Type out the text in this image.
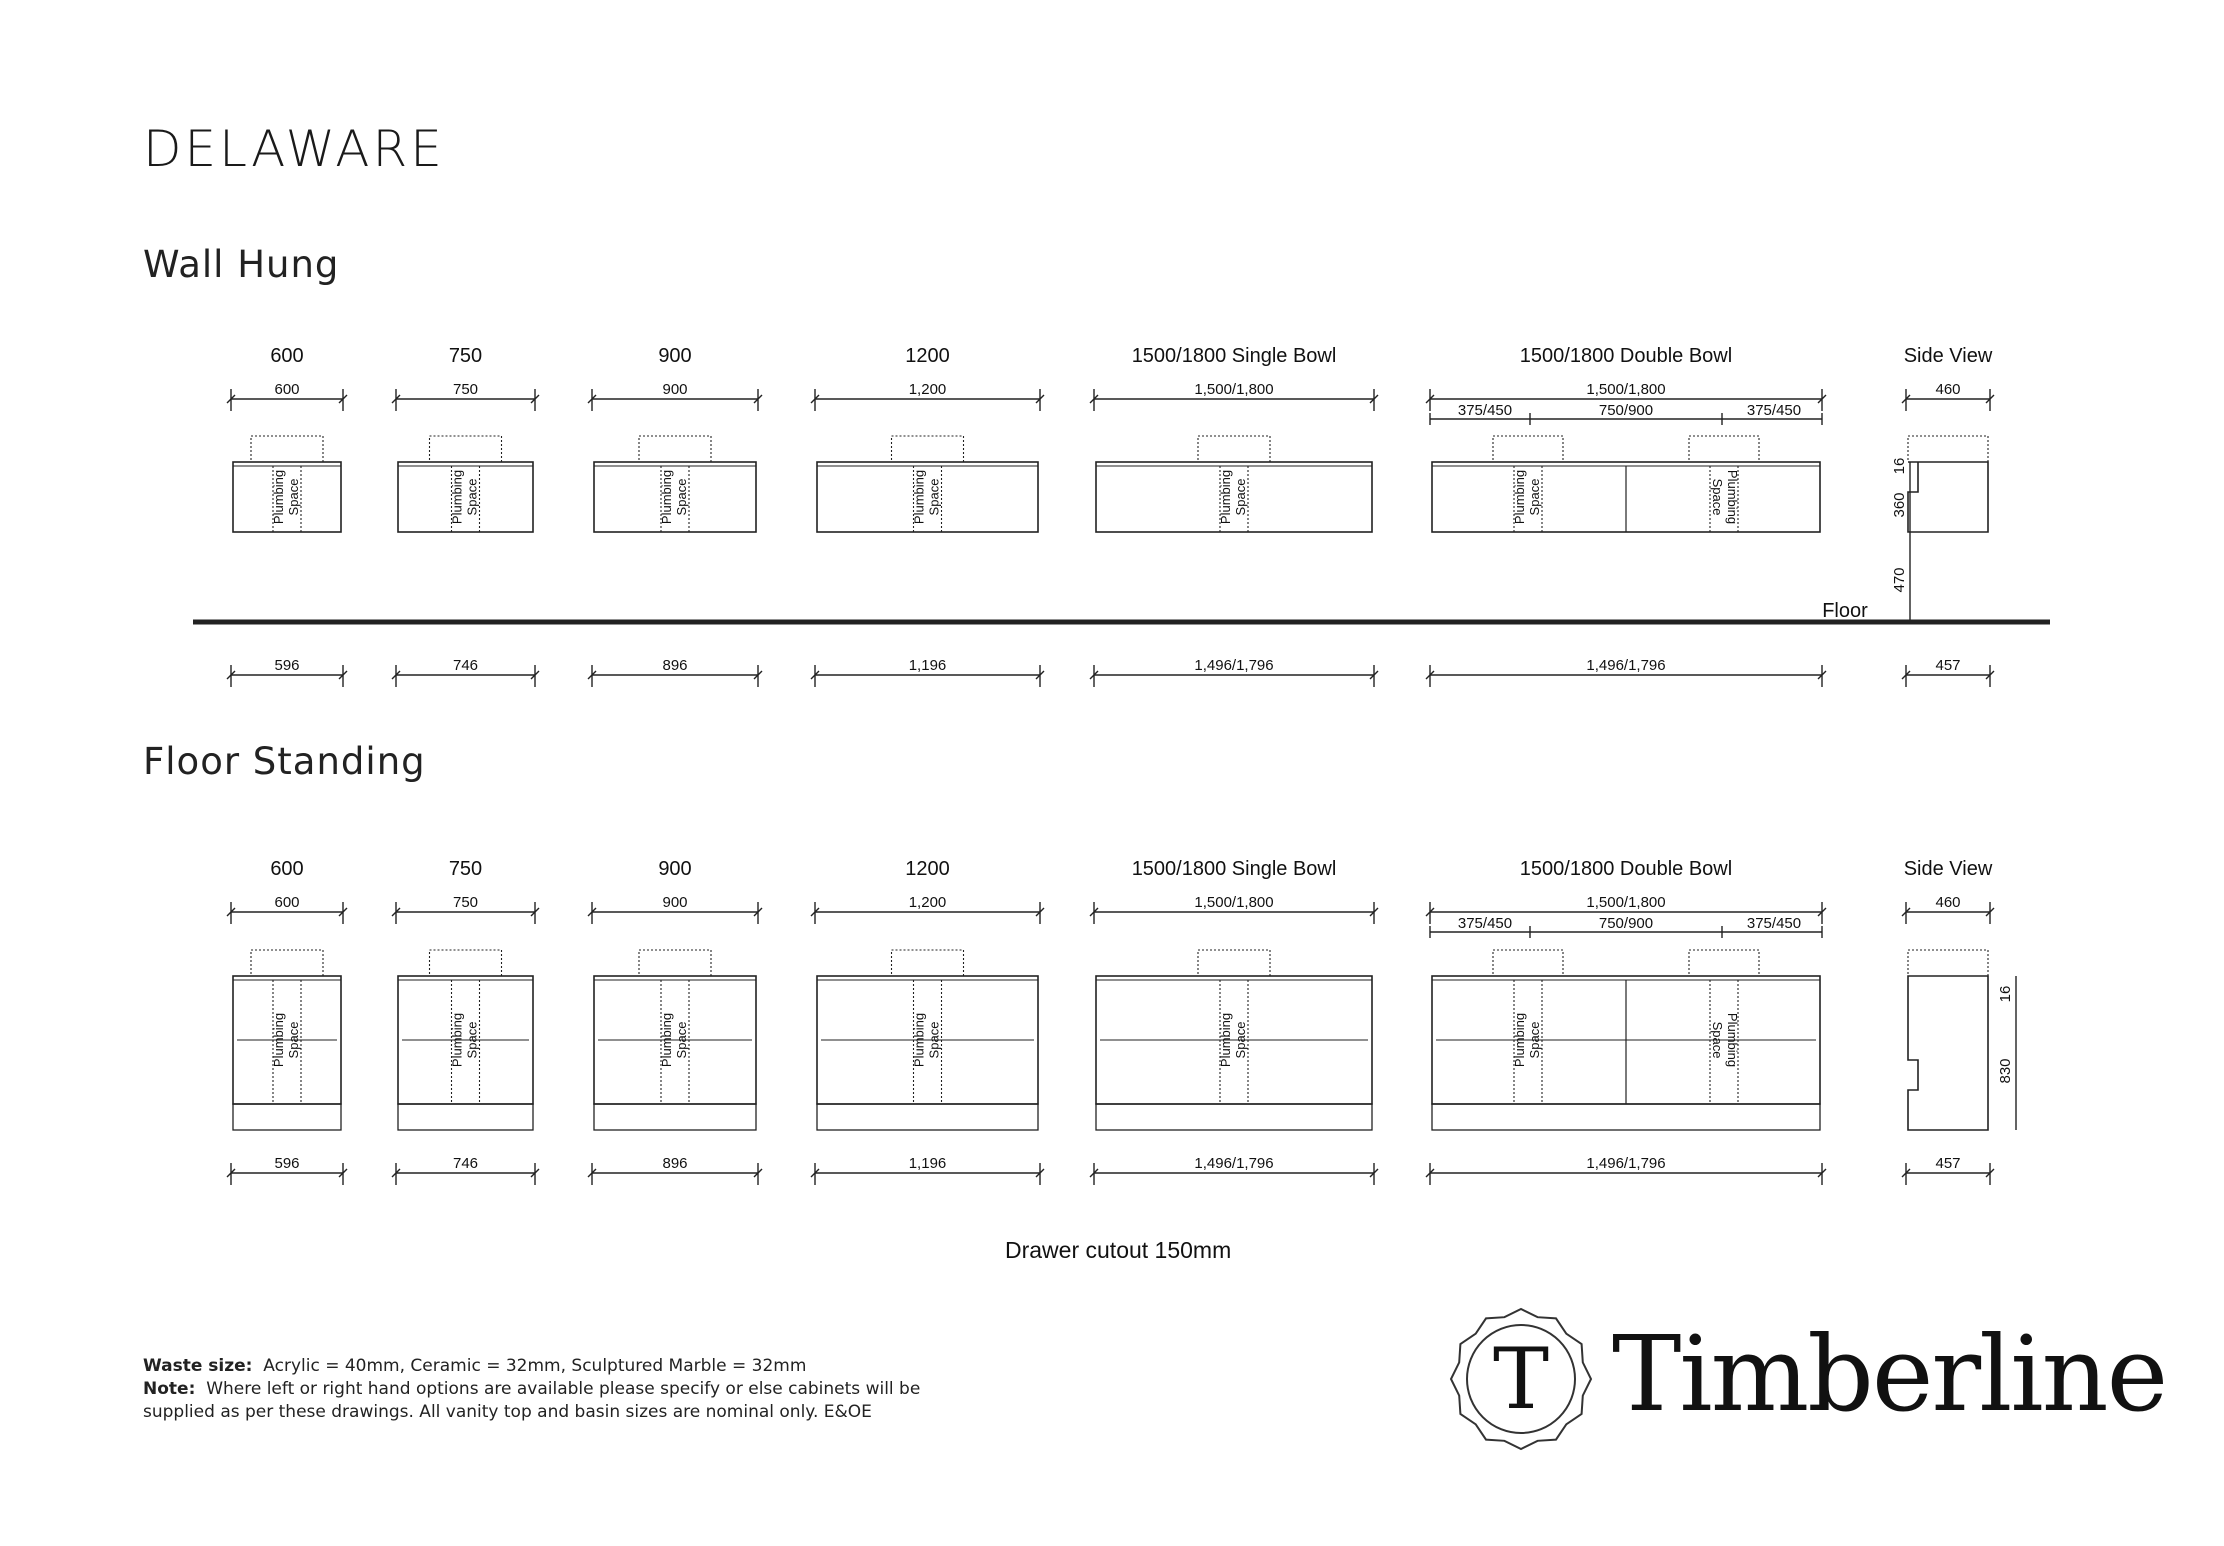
DELAWARE
Wall Hung
Floor Standing
600
600
596
Plumbing Space
750
750
746
Plumbing Space
900
900
896
Plumbing Space
1200
1,200
1,196
Plumbing Space
1500/1800 Single Bowl
1,500/1,800
1,496/1,796
Plumbing Space
1500/1800 Double Bowl
1,500/1,800
1,496/1,796
Plumbing Space	Plumbing
Space
375/450	750/900	375/450
Side View
460
457
16
360
470
600
600
596
Plumbing Space
750
750
746
Plumbing Space
900
900
896
Plumbing Space
1200
1,200
1,196
Plumbing Space
1500/1800 Single Bowl
1,500/1,800
1,496/1,796
Plumbing Space
1500/1800 Double Bowl
1,500/1,800
1,496/1,796
Plumbing Space	Plumbing
Space
375/450	750/900	375/450
Side View
460
457
16
830
Floor
Drawer cutout 150mm
Waste size: Acrylic = 40mm, Ceramic = 32mm, Sculptured Marble = 32mm
Note: Where left or right hand options are available please specify or else cabinets will be
supplied as per these drawings. All vanity top and basin sizes are nominal only. E&OE	T Timberline
